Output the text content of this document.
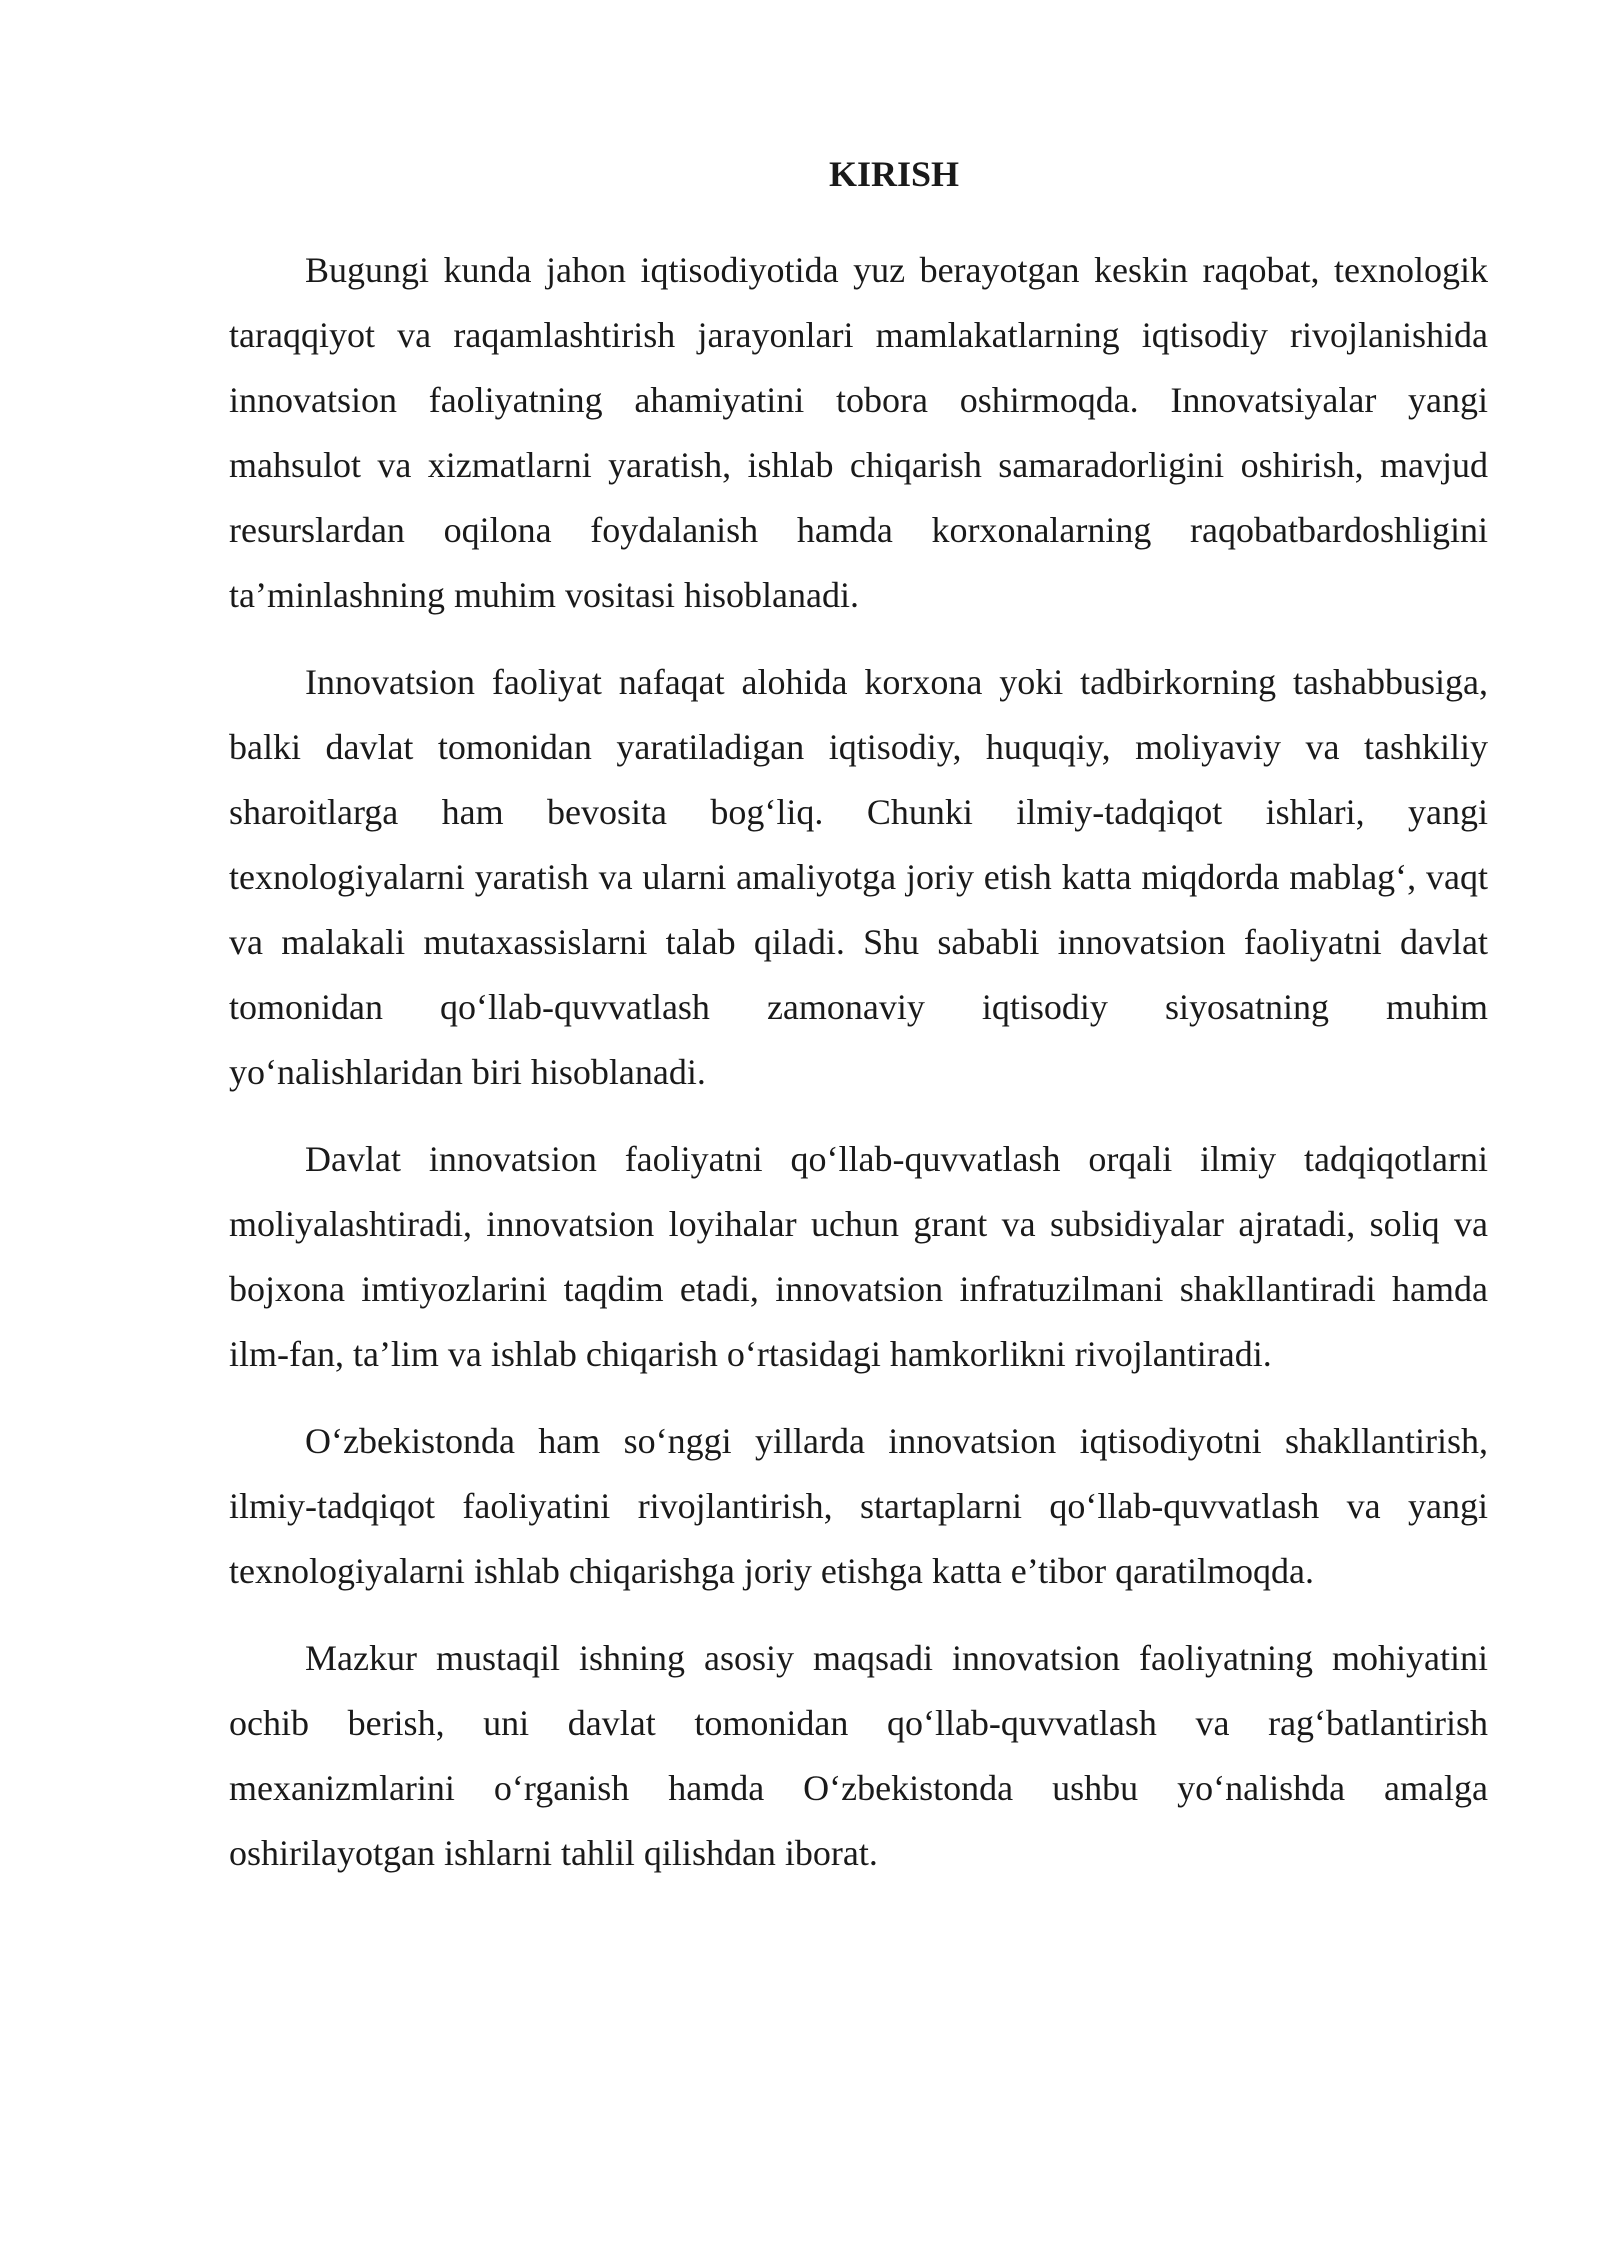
KIRISH

Bugungi kunda jahon iqtisodiyotida yuz berayotgan keskin raqobat, texnologik taraqqiyot va raqamlashtirish jarayonlari mamlakatlarning iqtisodiy rivojlanishida innovatsion faoliyatning ahamiyatini tobora oshirmoqda. Innovatsiyalar yangi mahsulot va xizmatlarni yaratish, ishlab chiqarish samaradorligini oshirish, mavjud resurslardan oqilona foydalanish hamda korxonalarning raqobatbardoshligini ta’minlashning muhim vositasi hisoblanadi.

Innovatsion faoliyat nafaqat alohida korxona yoki tadbirkorning tashabbusiga, balki davlat tomonidan yaratiladigan iqtisodiy, huquqiy, moliyaviy va tashkiliy sharoitlarga ham bevosita bog‘liq. Chunki ilmiy-tadqiqot ishlari, yangi texnologiyalarni yaratish va ularni amaliyotga joriy etish katta miqdorda mablag‘, vaqt va malakali mutaxassislarni talab qiladi. Shu sababli innovatsion faoliyatni davlat tomonidan qo‘llab-quvvatlash zamonaviy iqtisodiy siyosatning muhim yo‘nalishlaridan biri hisoblanadi.

Davlat innovatsion faoliyatni qo‘llab-quvvatlash orqali ilmiy tadqiqotlarni moliyalashtiradi, innovatsion loyihalar uchun grant va subsidiyalar ajratadi, soliq va bojxona imtiyozlarini taqdim etadi, innovatsion infratuzilmani shakllantiradi hamda ilm-fan, ta’lim va ishlab chiqarish o‘rtasidagi hamkorlikni rivojlantiradi.

O‘zbekistonda ham so‘nggi yillarda innovatsion iqtisodiyotni shakllantirish, ilmiy-tadqiqot faoliyatini rivojlantirish, startaplarni qo‘llab-quvvatlash va yangi texnologiyalarni ishlab chiqarishga joriy etishga katta e’tibor qaratilmoqda.

Mazkur mustaqil ishning asosiy maqsadi innovatsion faoliyatning mohiyatini ochib berish, uni davlat tomonidan qo‘llab-quvvatlash va rag‘batlantirish mexanizmlarini o‘rganish hamda O‘zbekistonda ushbu yo‘nalishda amalga oshirilayotgan ishlarni tahlil qilishdan iborat.
